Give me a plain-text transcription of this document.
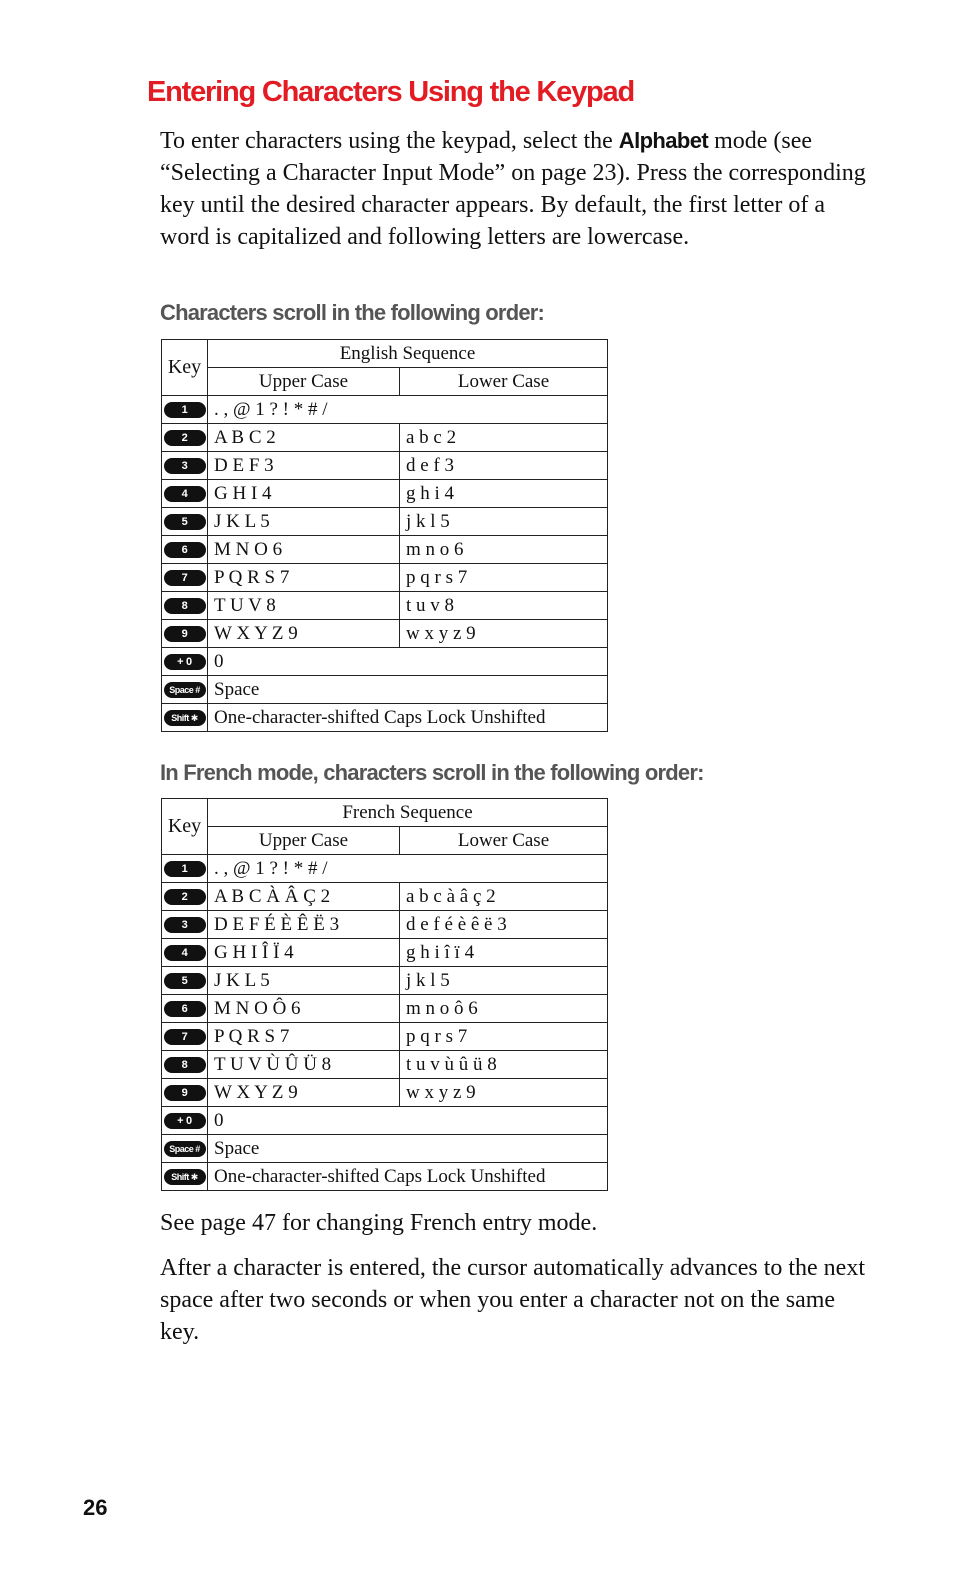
Entering Characters Using the Keypad
To enter characters using the keypad, select the Alphabet mode (see “Selecting a Character Input Mode” on page 23). Press the corresponding key until the desired character appears. By default, the first letter of a word is capitalized and following letters are lowercase.
Characters scroll in the following order:
Key	English Sequence	
	Upper Case	Lower Case
1	. , @ 1 ? ! * # /	
2	A B C 2	a b c 2
3	D E F 3	d e f 3
4	G H I 4	g h i 4
5	J K L 5	j k l 5
6	M N O 6	m n o 6
7	P Q R S 7	p q r s 7
8	T U V 8	t u v 8
9	W X Y Z 9	w x y z 9
+ 0	0	
Space #	Space	
Shift ✱	One-character-shifted Caps Lock Unshifted	
In French mode, characters scroll in the following order:
Key	French Sequence	
	Upper Case	Lower Case
1	. , @ 1 ? ! * # /	
2	A B C À Â Ç 2	a b c à â ç 2
3	D E F É È Ê Ë 3	d e f é è ê ë 3
4	G H I Î Ï 4	g h i î ï 4
5	J K L 5	j k l 5
6	M N O Ô 6	m n o ô 6
7	P Q R S 7	p q r s 7
8	T U V Ù Û Ü 8	t u v ù û ü 8
9	W X Y Z 9	w x y z 9
+ 0	0	
Space #	Space	
Shift ✱	One-character-shifted Caps Lock Unshifted	
See page 47 for changing French entry mode.
After a character is entered, the cursor automatically advances to the next space after two seconds or when you enter a character not on the same key.
26
